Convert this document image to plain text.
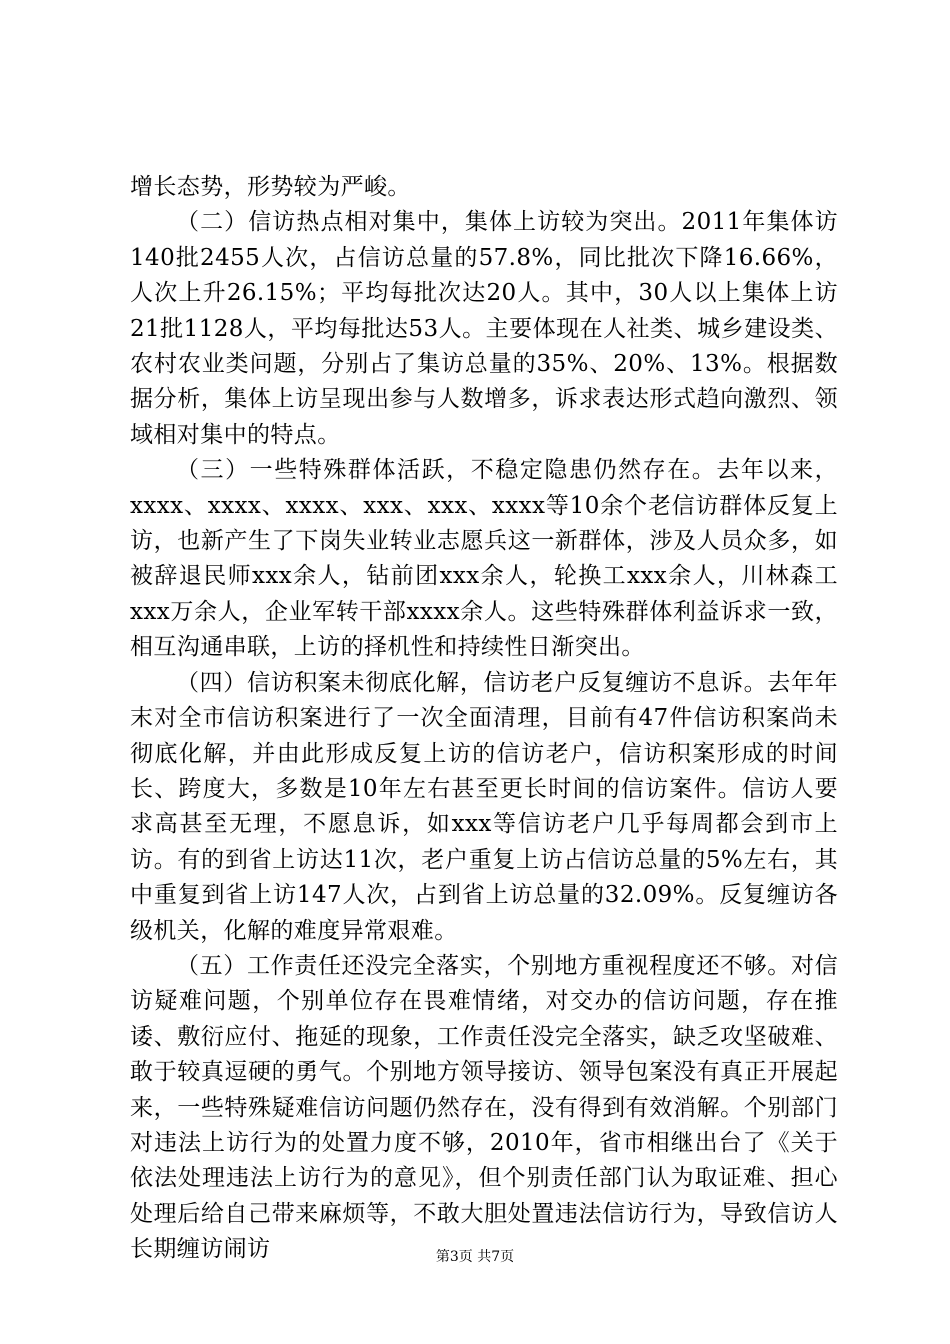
增长态势，形势较为严峻。

（二）信访热点相对集中，集体上访较为突出。2011年集体访140批2455人次，占信访总量的57.8%，同比批次下降16.66%，人次上升26.15%；平均每批次达20人。其中，30人以上集体上访21批1128人，平均每批达53人。主要体现在人社类、城乡建设类、农村农业类问题，分别占了集访总量的35%、20%、13%。根据数据分析，集体上访呈现出参与人数增多，诉求表达形式趋向激烈、领域相对集中的特点。

（三）一些特殊群体活跃，不稳定隐患仍然存在。去年以来，xxxx、xxxx、xxxx、xxx、xxx、xxxx等10余个老信访群体反复上访，也新产生了下岗失业转业志愿兵这一新群体，涉及人员众多，如被辞退民师xxx余人，钻前团xxx余人，轮换工xxx余人，川林森工xxx万余人，企业军转干部xxxx余人。这些特殊群体利益诉求一致，相互沟通串联，上访的择机性和持续性日渐突出。

（四）信访积案未彻底化解，信访老户反复缠访不息诉。去年年末对全市信访积案进行了一次全面清理，目前有47件信访积案尚未彻底化解，并由此形成反复上访的信访老户，信访积案形成的时间长、跨度大，多数是10年左右甚至更长时间的信访案件。信访人要求高甚至无理，不愿息诉，如xxx等信访老户几乎每周都会到市上访。有的到省上访达11次，老户重复上访占信访总量的5%左右，其中重复到省上访147人次，占到省上访总量的32.09%。反复缠访各级机关，化解的难度异常艰难。

（五）工作责任还没完全落实，个别地方重视程度还不够。对信访疑难问题，个别单位存在畏难情绪，对交办的信访问题，存在推诿、敷衍应付、拖延的现象，工作责任没完全落实，缺乏攻坚破难、敢于较真逗硬的勇气。个别地方领导接访、领导包案没有真正开展起来，一些特殊疑难信访问题仍然存在，没有得到有效消解。个别部门对违法上访行为的处置力度不够，2010年，省市相继出台了《关于依法处理违法上访行为的意见》，但个别责任部门认为取证难、担心处理后给自己带来麻烦等，不敢大胆处置违法信访行为，导致信访人长期缠访闹访	第3页 共7页
